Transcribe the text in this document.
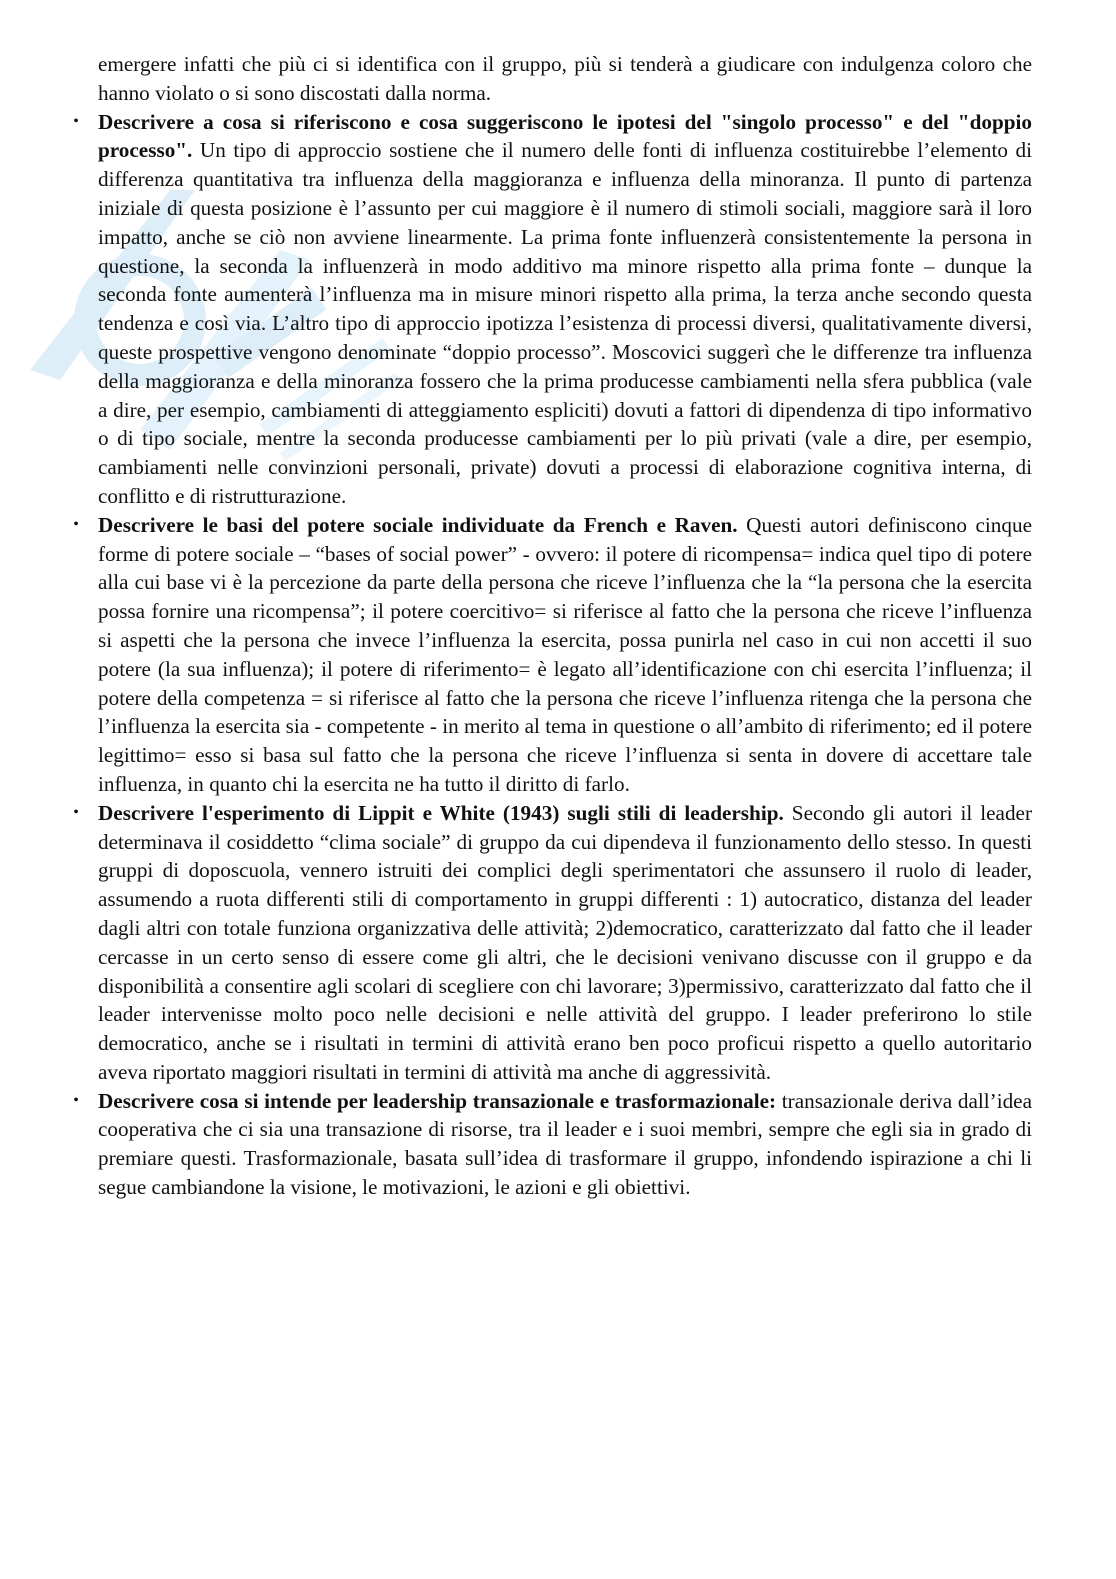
emergere infatti che più ci si identifica con il gruppo, più si tenderà a giudicare con indulgenza coloro che hanno violato o si sono discostati dalla norma.

• Descrivere a cosa si riferiscono e cosa suggeriscono le ipotesi del "singolo processo" e del "doppio processo". Un tipo di approccio sostiene che il numero delle fonti di influenza costituirebbe l’elemento di differenza quantitativa tra influenza della maggioranza e influenza della minoranza. Il punto di partenza iniziale di questa posizione è l’assunto per cui maggiore è il numero di stimoli sociali, maggiore sarà il loro impatto, anche se ciò non avviene linearmente. La prima fonte influenzerà consistentemente la persona in questione, la seconda la influenzerà in modo additivo ma minore rispetto alla prima fonte – dunque la seconda fonte aumenterà l’influenza ma in misure minori rispetto alla prima, la terza anche secondo questa tendenza e così via. L’altro tipo di approccio ipotizza l’esistenza di processi diversi, qualitativamente diversi, queste prospettive vengono denominate “doppio processo”. Moscovici suggerì che le differenze tra influenza della maggioranza e della minoranza fossero che la prima producesse cambiamenti nella sfera pubblica (vale a dire, per esempio, cambiamenti di atteggiamento espliciti) dovuti a fattori di dipendenza di tipo informativo o di tipo sociale, mentre la seconda producesse cambiamenti per lo più privati (vale a dire, per esempio, cambiamenti nelle convinzioni personali, private) dovuti a processi di elaborazione cognitiva interna, di conflitto e di ristrutturazione.
• Descrivere le basi del potere sociale individuate da French e Raven. Questi autori definiscono cinque forme di potere sociale – “bases of social power” - ovvero: il potere di ricompensa= indica quel tipo di potere alla cui base vi è la percezione da parte della persona che riceve l’influenza che la “la persona che la esercita possa fornire una ricompensa”; il potere coercitivo= si riferisce al fatto che la persona che riceve l’influenza si aspetti che la persona che invece l’influenza la esercita, possa punirla nel caso in cui non accetti il suo potere (la sua influenza); il potere di riferimento= è legato all’identificazione con chi esercita l’influenza; il potere della competenza = si riferisce al fatto che la persona che riceve l’influenza ritenga che la persona che l’influenza la esercita sia - competente - in merito al tema in questione o all’ambito di riferimento; ed il potere legittimo= esso si basa sul fatto che la persona che riceve l’influenza si senta in dovere di accettare tale influenza, in quanto chi la esercita ne ha tutto il diritto di farlo.
• Descrivere l'esperimento di Lippit e White (1943) sugli stili di leadership. Secondo gli autori il leader determinava il cosiddetto “clima sociale” di gruppo da cui dipendeva il funzionamento dello stesso. In questi gruppi di doposcuola, vennero istruiti dei complici degli sperimentatori che assunsero il ruolo di leader, assumendo a ruota differenti stili di comportamento in gruppi differenti : 1) autocratico, distanza del leader dagli altri con totale funziona organizzativa delle attività; 2)democratico, caratterizzato dal fatto che il leader cercasse in un certo senso di essere come gli altri, che le decisioni venivano discusse con il gruppo e da disponibilità a consentire agli scolari di scegliere con chi lavorare; 3)permissivo, caratterizzato dal fatto che il leader intervenisse molto poco nelle decisioni e nelle attività del gruppo. I leader preferirono lo stile democratico, anche se i risultati in termini di attività erano ben poco proficui rispetto a quello autoritario aveva riportato maggiori risultati in termini di attività ma anche di aggressività.
• Descrivere cosa si intende per leadership transazionale e trasformazionale: transazionale deriva dall’idea cooperativa che ci sia una transazione di risorse, tra il leader e i suoi membri, sempre che egli sia in grado di premiare questi. Trasformazionale, basata sull’idea di trasformare il gruppo, infondendo ispirazione a chi li segue cambiandone la visione, le motivazioni, le azioni e gli obiettivi.
